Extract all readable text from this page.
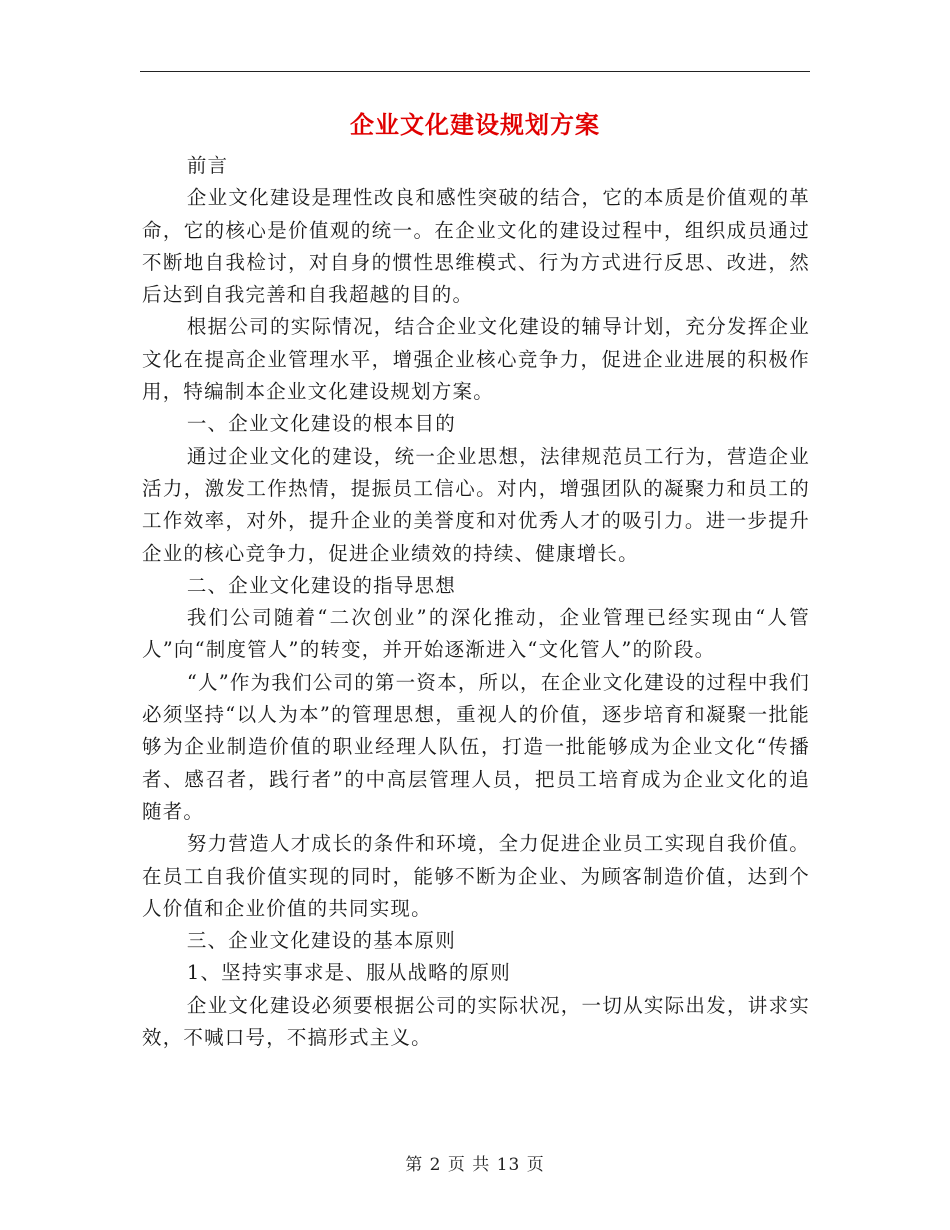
企业文化建设规划方案

前言

企业文化建设是理性改良和感性突破的结合，它的本质是价值观的革命，它的核心是价值观的统一。在企业文化的建设过程中，组织成员通过不断地自我检讨，对自身的惯性思维模式、行为方式进行反思、改进，然后达到自我完善和自我超越的目的。

根据公司的实际情况，结合企业文化建设的辅导计划，充分发挥企业文化在提高企业管理水平，增强企业核心竞争力，促进企业进展的积极作用，特编制本企业文化建设规划方案。

一、企业文化建设的根本目的

通过企业文化的建设，统一企业思想，法律规范员工行为，营造企业活力，激发工作热情，提振员工信心。对内，增强团队的凝聚力和员工的工作效率，对外，提升企业的美誉度和对优秀人才的吸引力。进一步提升企业的核心竞争力，促进企业绩效的持续、健康增长。

二、企业文化建设的指导思想

我们公司随着“二次创业”的深化推动，企业管理已经实现由“人管人”向“制度管人”的转变，并开始逐渐进入“文化管人”的阶段。

“人”作为我们公司的第一资本，所以，在企业文化建设的过程中我们必须坚持“以人为本”的管理思想，重视人的价值，逐步培育和凝聚一批能够为企业制造价值的职业经理人队伍，打造一批能够成为企业文化“传播者、感召者，践行者”的中高层管理人员，把员工培育成为企业文化的追随者。

努力营造人才成长的条件和环境，全力促进企业员工实现自我价值。在员工自我价值实现的同时，能够不断为企业、为顾客制造价值，达到个人价值和企业价值的共同实现。

三、企业文化建设的基本原则

1、坚持实事求是、服从战略的原则

企业文化建设必须要根据公司的实际状况，一切从实际出发，讲求实效，不喊口号，不搞形式主义。

第 2 页 共 13 页
